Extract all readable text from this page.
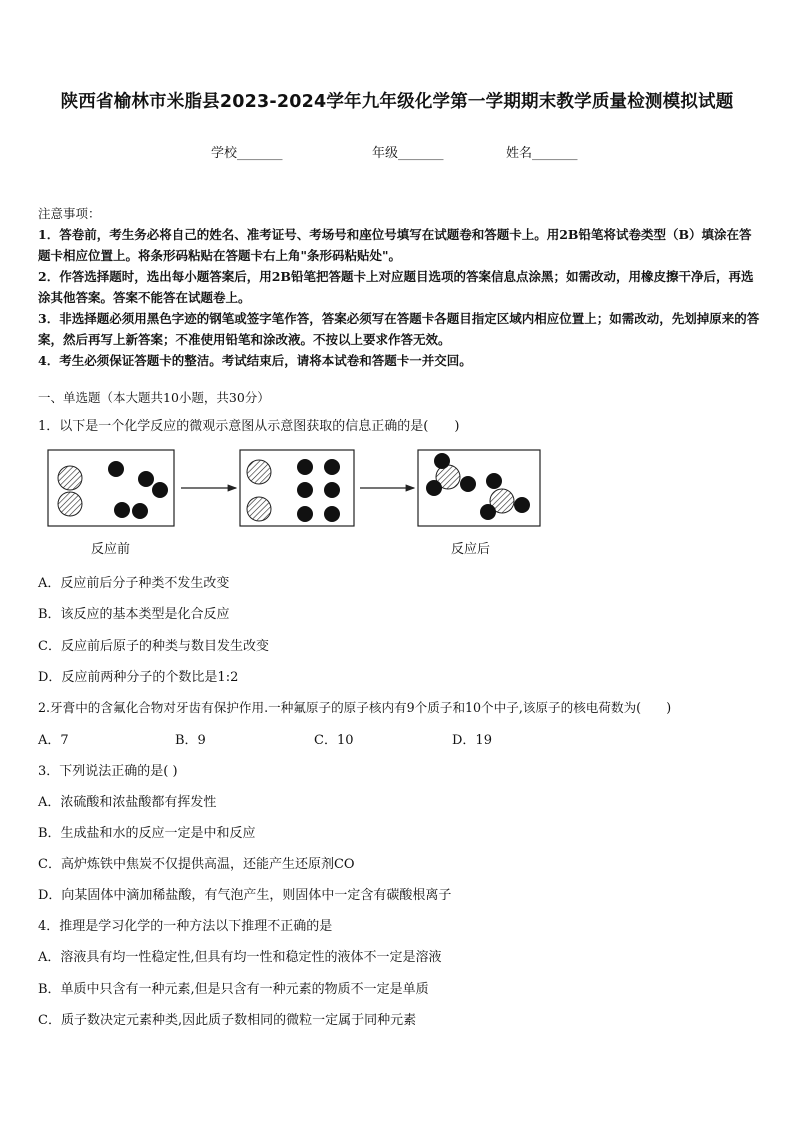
陕西省榆林市米脂县2023-2024学年九年级化学第一学期期末教学质量检测模拟试题
学校_______	年级_______	姓名_______

注意事项：

1．答卷前，考生务必将自己的姓名、准考证号、考场号和座位号填写在试题卷和答题卡上。用2B铅笔将试卷类型（B）填涂在答题卡相应位置上。将条形码粘贴在答题卡右上角"条形码粘贴处"。

2．作答选择题时，选出每小题答案后，用2B铅笔把答题卡上对应题目选项的答案信息点涂黑；如需改动，用橡皮擦干净后，再选涂其他答案。答案不能答在试题卷上。

3．非选择题必须用黑色字迹的钢笔或签字笔作答，答案必须写在答题卡各题目指定区域内相应位置上；如需改动，先划掉原来的答案，然后再写上新答案；不准使用铅笔和涂改液。不按以上要求作答无效。

4．考生必须保证答题卡的整洁。考试结束后，请将本试卷和答题卡一并交回。

一、单选题（本大题共10小题，共30分）
1．以下是一个化学反应的微观示意图从示意图获取的信息正确的是(　　)
反应前	反应后
A．反应前后分子种类不发生改变
B．该反应的基本类型是化合反应
C．反应前后原子的种类与数目发生改变
D．反应前两种分子的个数比是1:2
2.牙膏中的含氟化合物对牙齿有保护作用.一种氟原子的原子核内有9个质子和10个中子,该原子的核电荷数为(　　)
A．7	B．9	C．10	D．19
3．下列说法正确的是( )
A．浓硫酸和浓盐酸都有挥发性
B．生成盐和水的反应一定是中和反应
C．高炉炼铁中焦炭不仅提供高温，还能产生还原剂CO
D．向某固体中滴加稀盐酸，有气泡产生，则固体中一定含有碳酸根离子
4．推理是学习化学的一种方法以下推理不正确的是
A．溶液具有均一性稳定性,但具有均一性和稳定性的液体不一定是溶液
B．单质中只含有一种元素,但是只含有一种元素的物质不一定是单质
C．质子数决定元素种类,因此质子数相同的微粒一定属于同种元素
